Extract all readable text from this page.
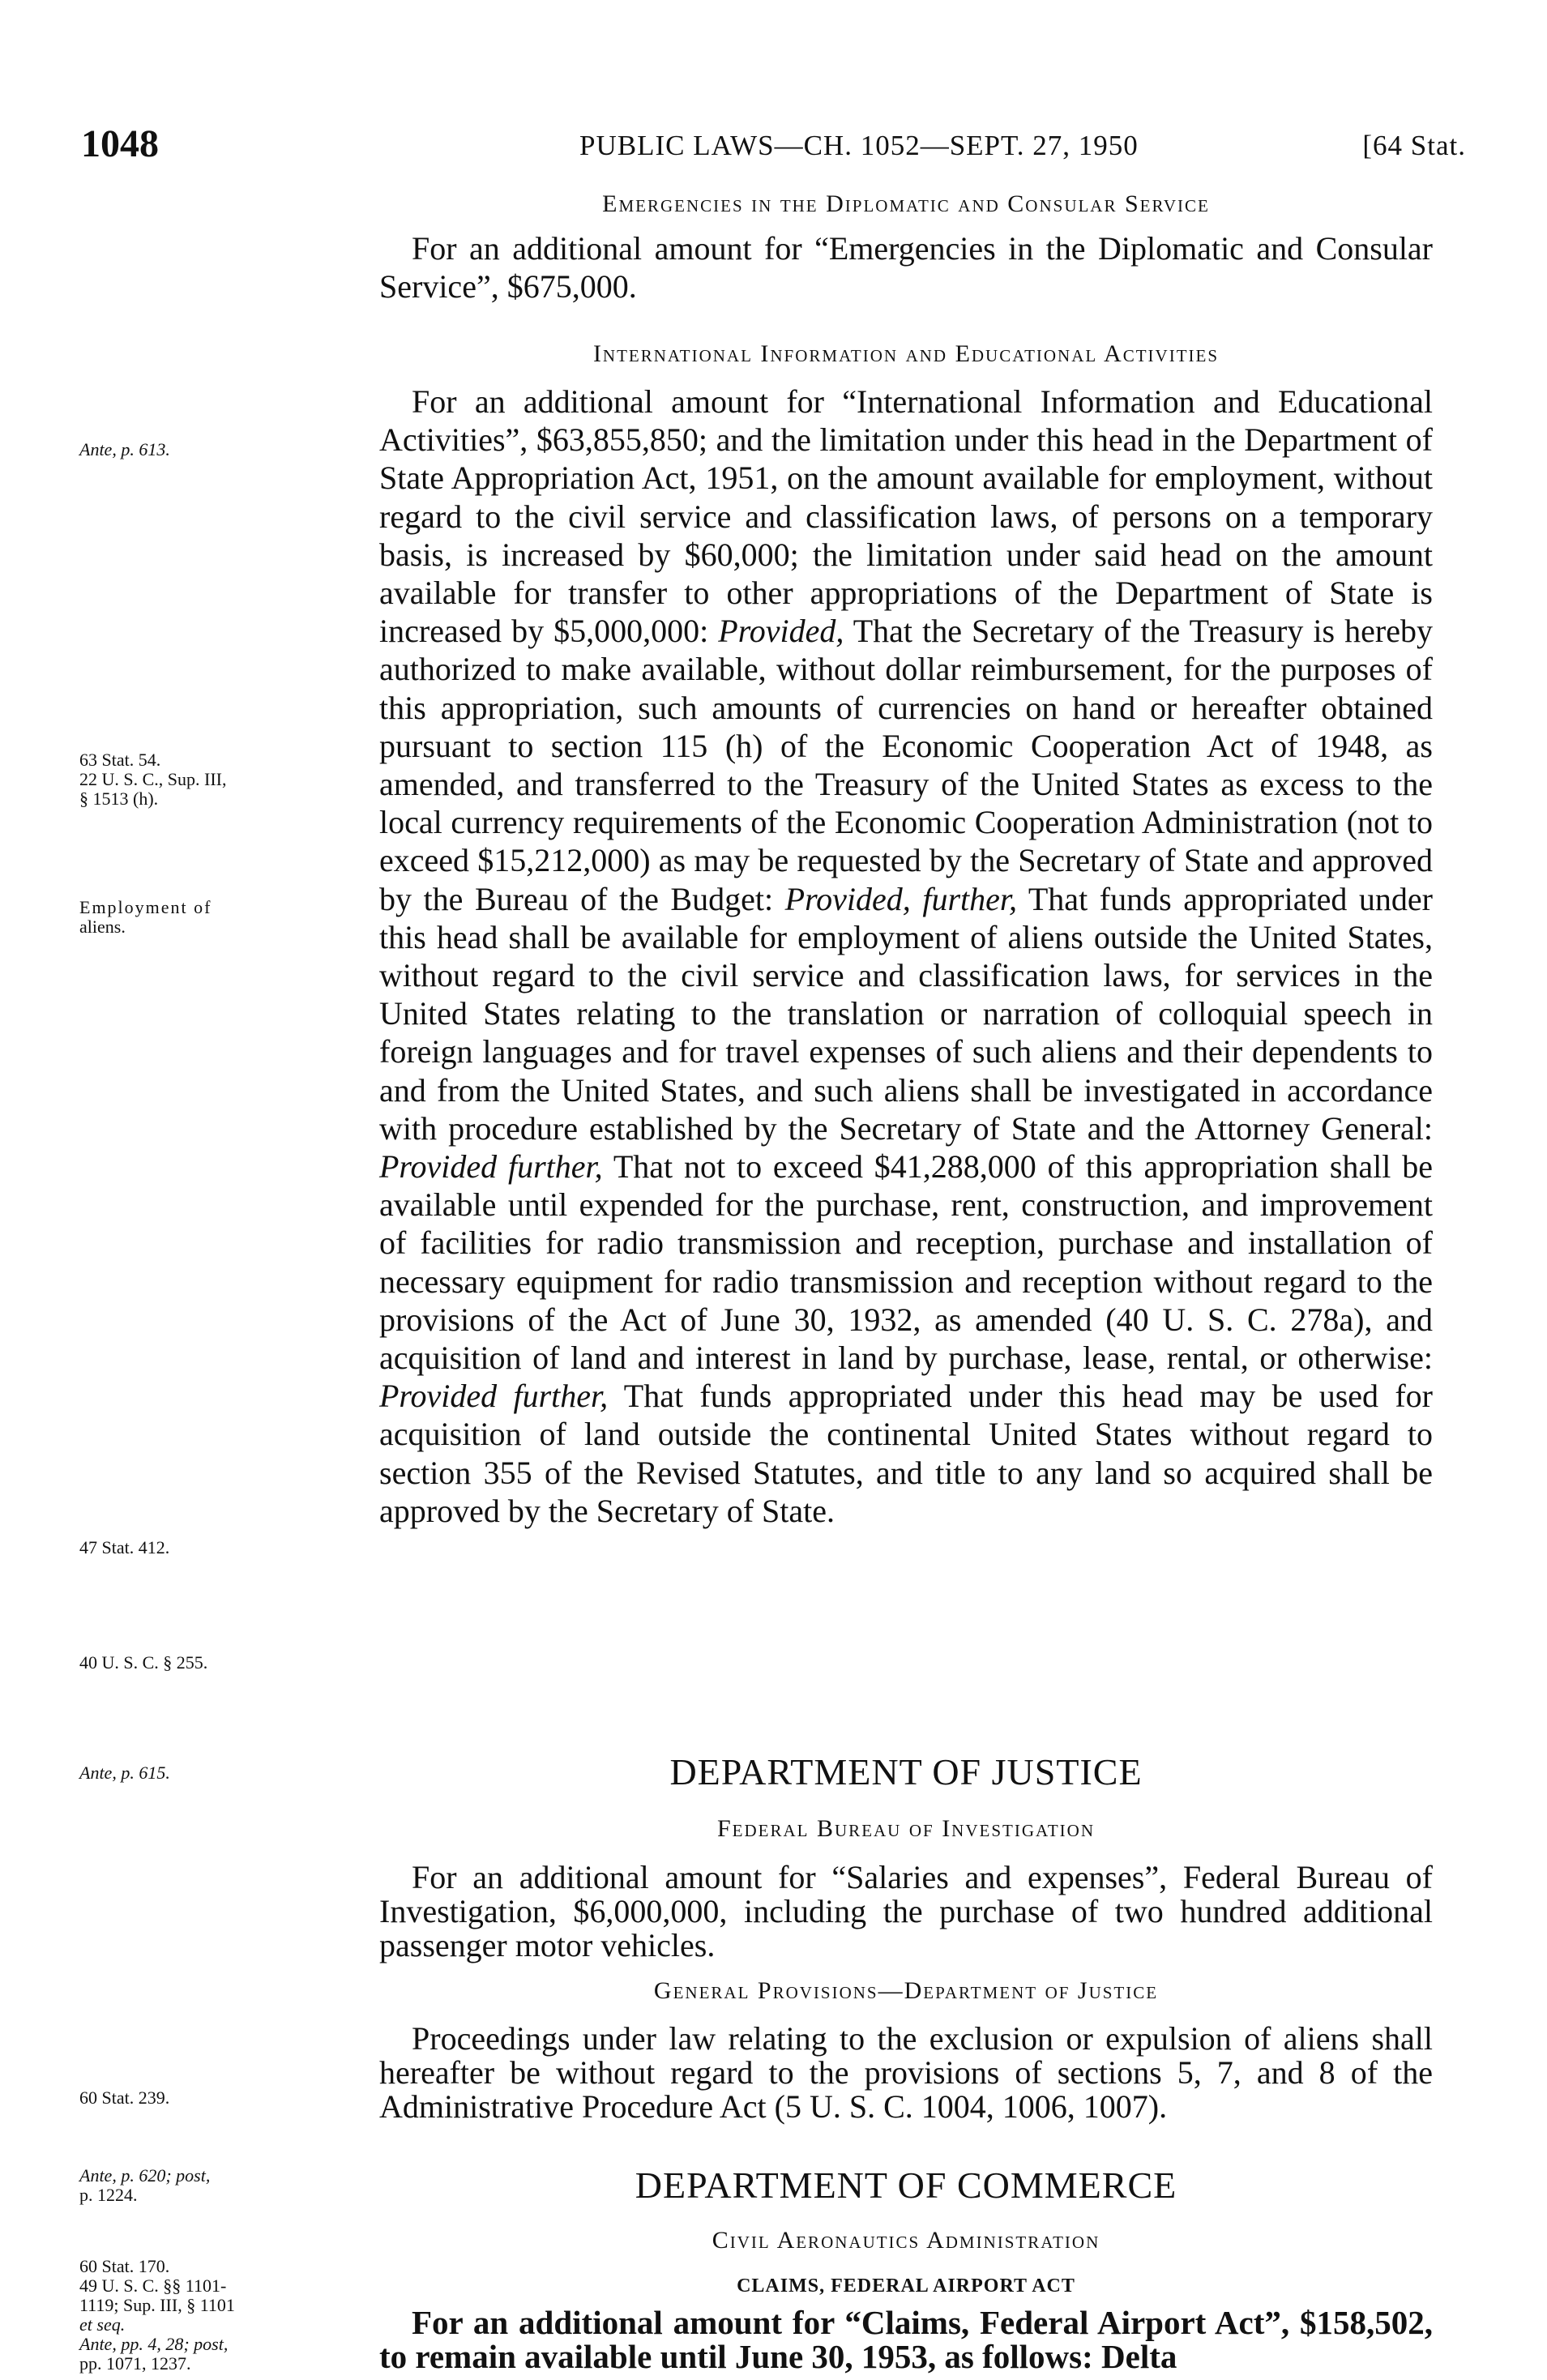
1048	PUBLIC LAWS—CH. 1052—SEPT. 27, 1950	[64 Stat.
Ante, p. 613.
63 Stat. 54.
22 U. S. C., Sup. III,
§ 1513 (h).
Employment of
aliens.
47 Stat. 412.
40 U. S. C. § 255.
Ante, p. 615.
60 Stat. 239.
Ante, p. 620; post,
p. 1224.
60 Stat. 170.
49 U. S. C. §§ 1101-
1119; Sup. III, § 1101
et seq.
Ante, pp. 4, 28; post,
pp. 1071, 1237.
Emergencies in the Diplomatic and Consular Service
For an additional amount for “Emergencies in the Diplomatic and Consular Service”, $675,000.
International Information and Educational Activities
For an additional amount for “International Information and Educational Activities”, $63,855,850; and the limitation under this head in the Department of State Appropriation Act, 1951, on the amount available for employment, without regard to the civil service and classification laws, of persons on a temporary basis, is increased by $60,000; the limitation under said head on the amount available for transfer to other appropriations of the Department of State is increased by $5,000,000: Provided, That the Secretary of the Treasury is hereby authorized to make available, without dollar reimbursement, for the purposes of this appropriation, such amounts of currencies on hand or hereafter obtained pursuant to section 115 (h) of the Economic Cooperation Act of 1948, as amended, and transferred to the Treasury of the United States as excess to the local currency requirements of the Economic Cooperation Administration (not to exceed $15,212,000) as may be requested by the Secretary of State and approved by the Bureau of the Budget: Provided, further, That funds appropriated under this head shall be available for employment of aliens outside the United States, without regard to the civil service and classification laws, for services in the United States relating to the translation or narration of colloquial speech in foreign languages and for travel expenses of such aliens and their dependents to and from the United States, and such aliens shall be investigated in accordance with procedure established by the Secretary of State and the Attorney General: Provided further, That not to exceed $41,288,000 of this appropriation shall be available until expended for the purchase, rent, construction, and improvement of facilities for radio transmission and reception, purchase and installation of necessary equipment for radio transmission and reception without regard to the provisions of the Act of June 30, 1932, as amended (40 U. S. C. 278a), and acquisition of land and interest in land by purchase, lease, rental, or otherwise: Provided further, That funds appropriated under this head may be used for acquisition of land outside the continental United States without regard to section 355 of the Revised Statutes, and title to any land so acquired shall be approved by the Secretary of State.
DEPARTMENT OF JUSTICE
Federal Bureau of Investigation
For an additional amount for “Salaries and expenses”, Federal Bureau of Investigation, $6,000,000, including the purchase of two hundred additional passenger motor vehicles.
General Provisions—Department of Justice
Proceedings under law relating to the exclusion or expulsion of aliens shall hereafter be without regard to the provisions of sections 5, 7, and 8 of the Administrative Procedure Act (5 U. S. C. 1004, 1006, 1007).
DEPARTMENT OF COMMERCE
Civil Aeronautics Administration
CLAIMS, FEDERAL AIRPORT ACT
For an additional amount for “Claims, Federal Airport Act”, $158,502, to remain available until June 30, 1953, as follows: Delta
